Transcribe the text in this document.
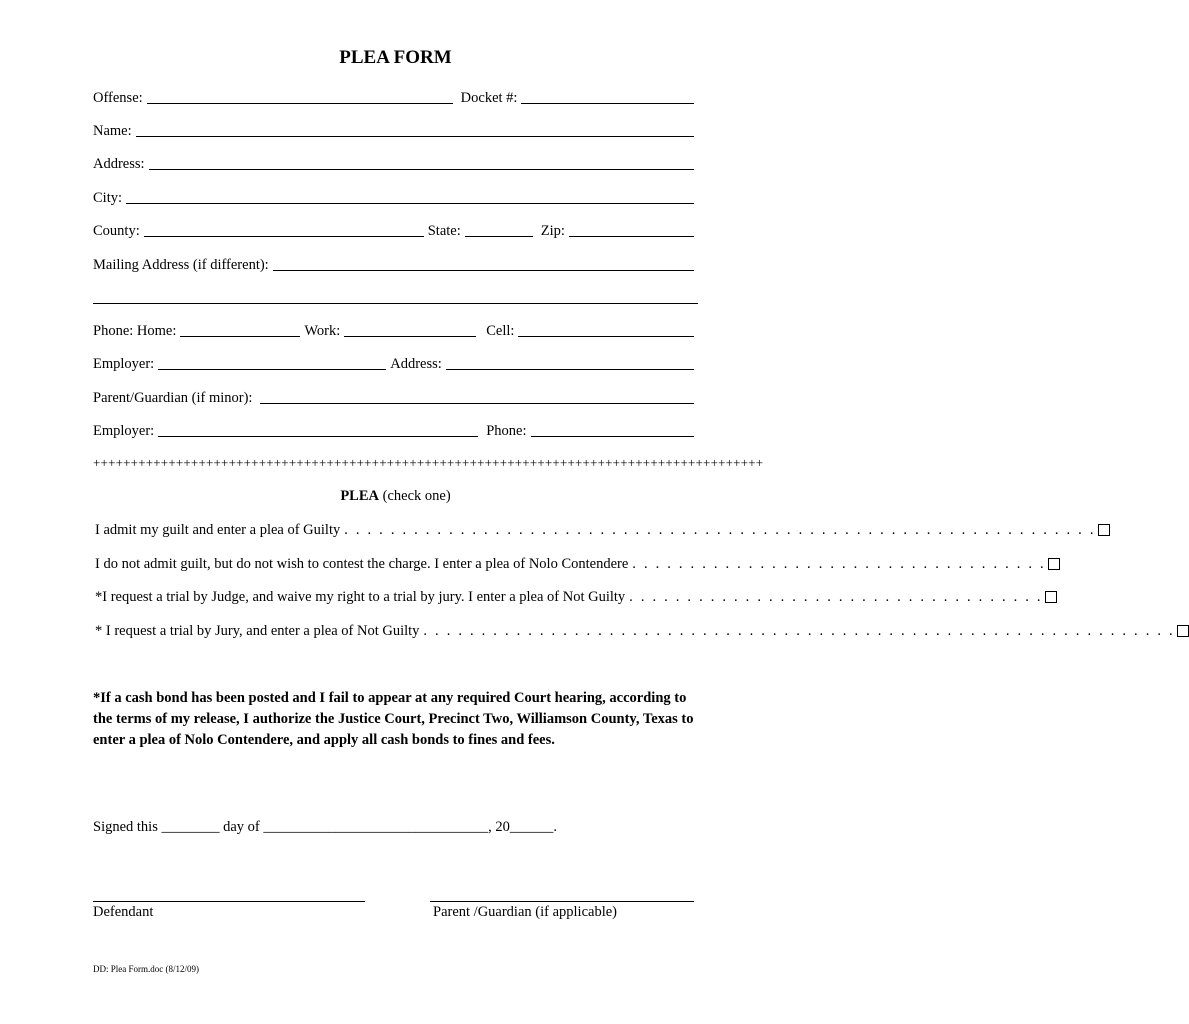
PLEA FORM
Offense:	Docket #:
Name:
Address:
City:
County:	State:	Zip:
Mailing Address (if different):
Phone: Home:	Work:	Cell:
Employer:	Address:
Parent/Guardian (if minor):
Employer:	Phone:
+++++++++++++++++++++++++++++++++++++++++++++++++++++++++++++++++++++++++++++++++++++++++
PLEA (check one)
I admit my guilt and enter a plea of Guilty . . . . . . . . . . . . . . . . . . . . . . . . . . . . . . . . . . . . . . . . . . . . . . . . . . . . . . . . . . . . . . . . .
I do not admit guilt, but do not wish to contest the charge. I enter a plea of Nolo Contendere . . . . . . . . . . . . . . . . . . . . . . . . . . . . . . . . . . . .
*I request a trial by Judge, and waive my right to a trial by jury. I enter a plea of Not Guilty . . . . . . . . . . . . . . . . . . . . . . . . . . . . . . . . . . . .
* I request a trial by Jury, and enter a plea of Not Guilty . . . . . . . . . . . . . . . . . . . . . . . . . . . . . . . . . . . . . . . . . . . . . . . . . . . . . . . . . . . . . . . . .
*If a cash bond has been posted and I fail to appear at any required Court hearing, according to the terms of my release, I authorize the Justice Court, Precinct Two, Williamson County, Texas to enter a plea of Nolo Contendere, and apply all cash bonds to fines and fees.
Signed this ________ day of _______________________________, 20______.
Defendant	Parent /Guardian (if applicable)
DD: Plea Form.doc (8/12/09)
